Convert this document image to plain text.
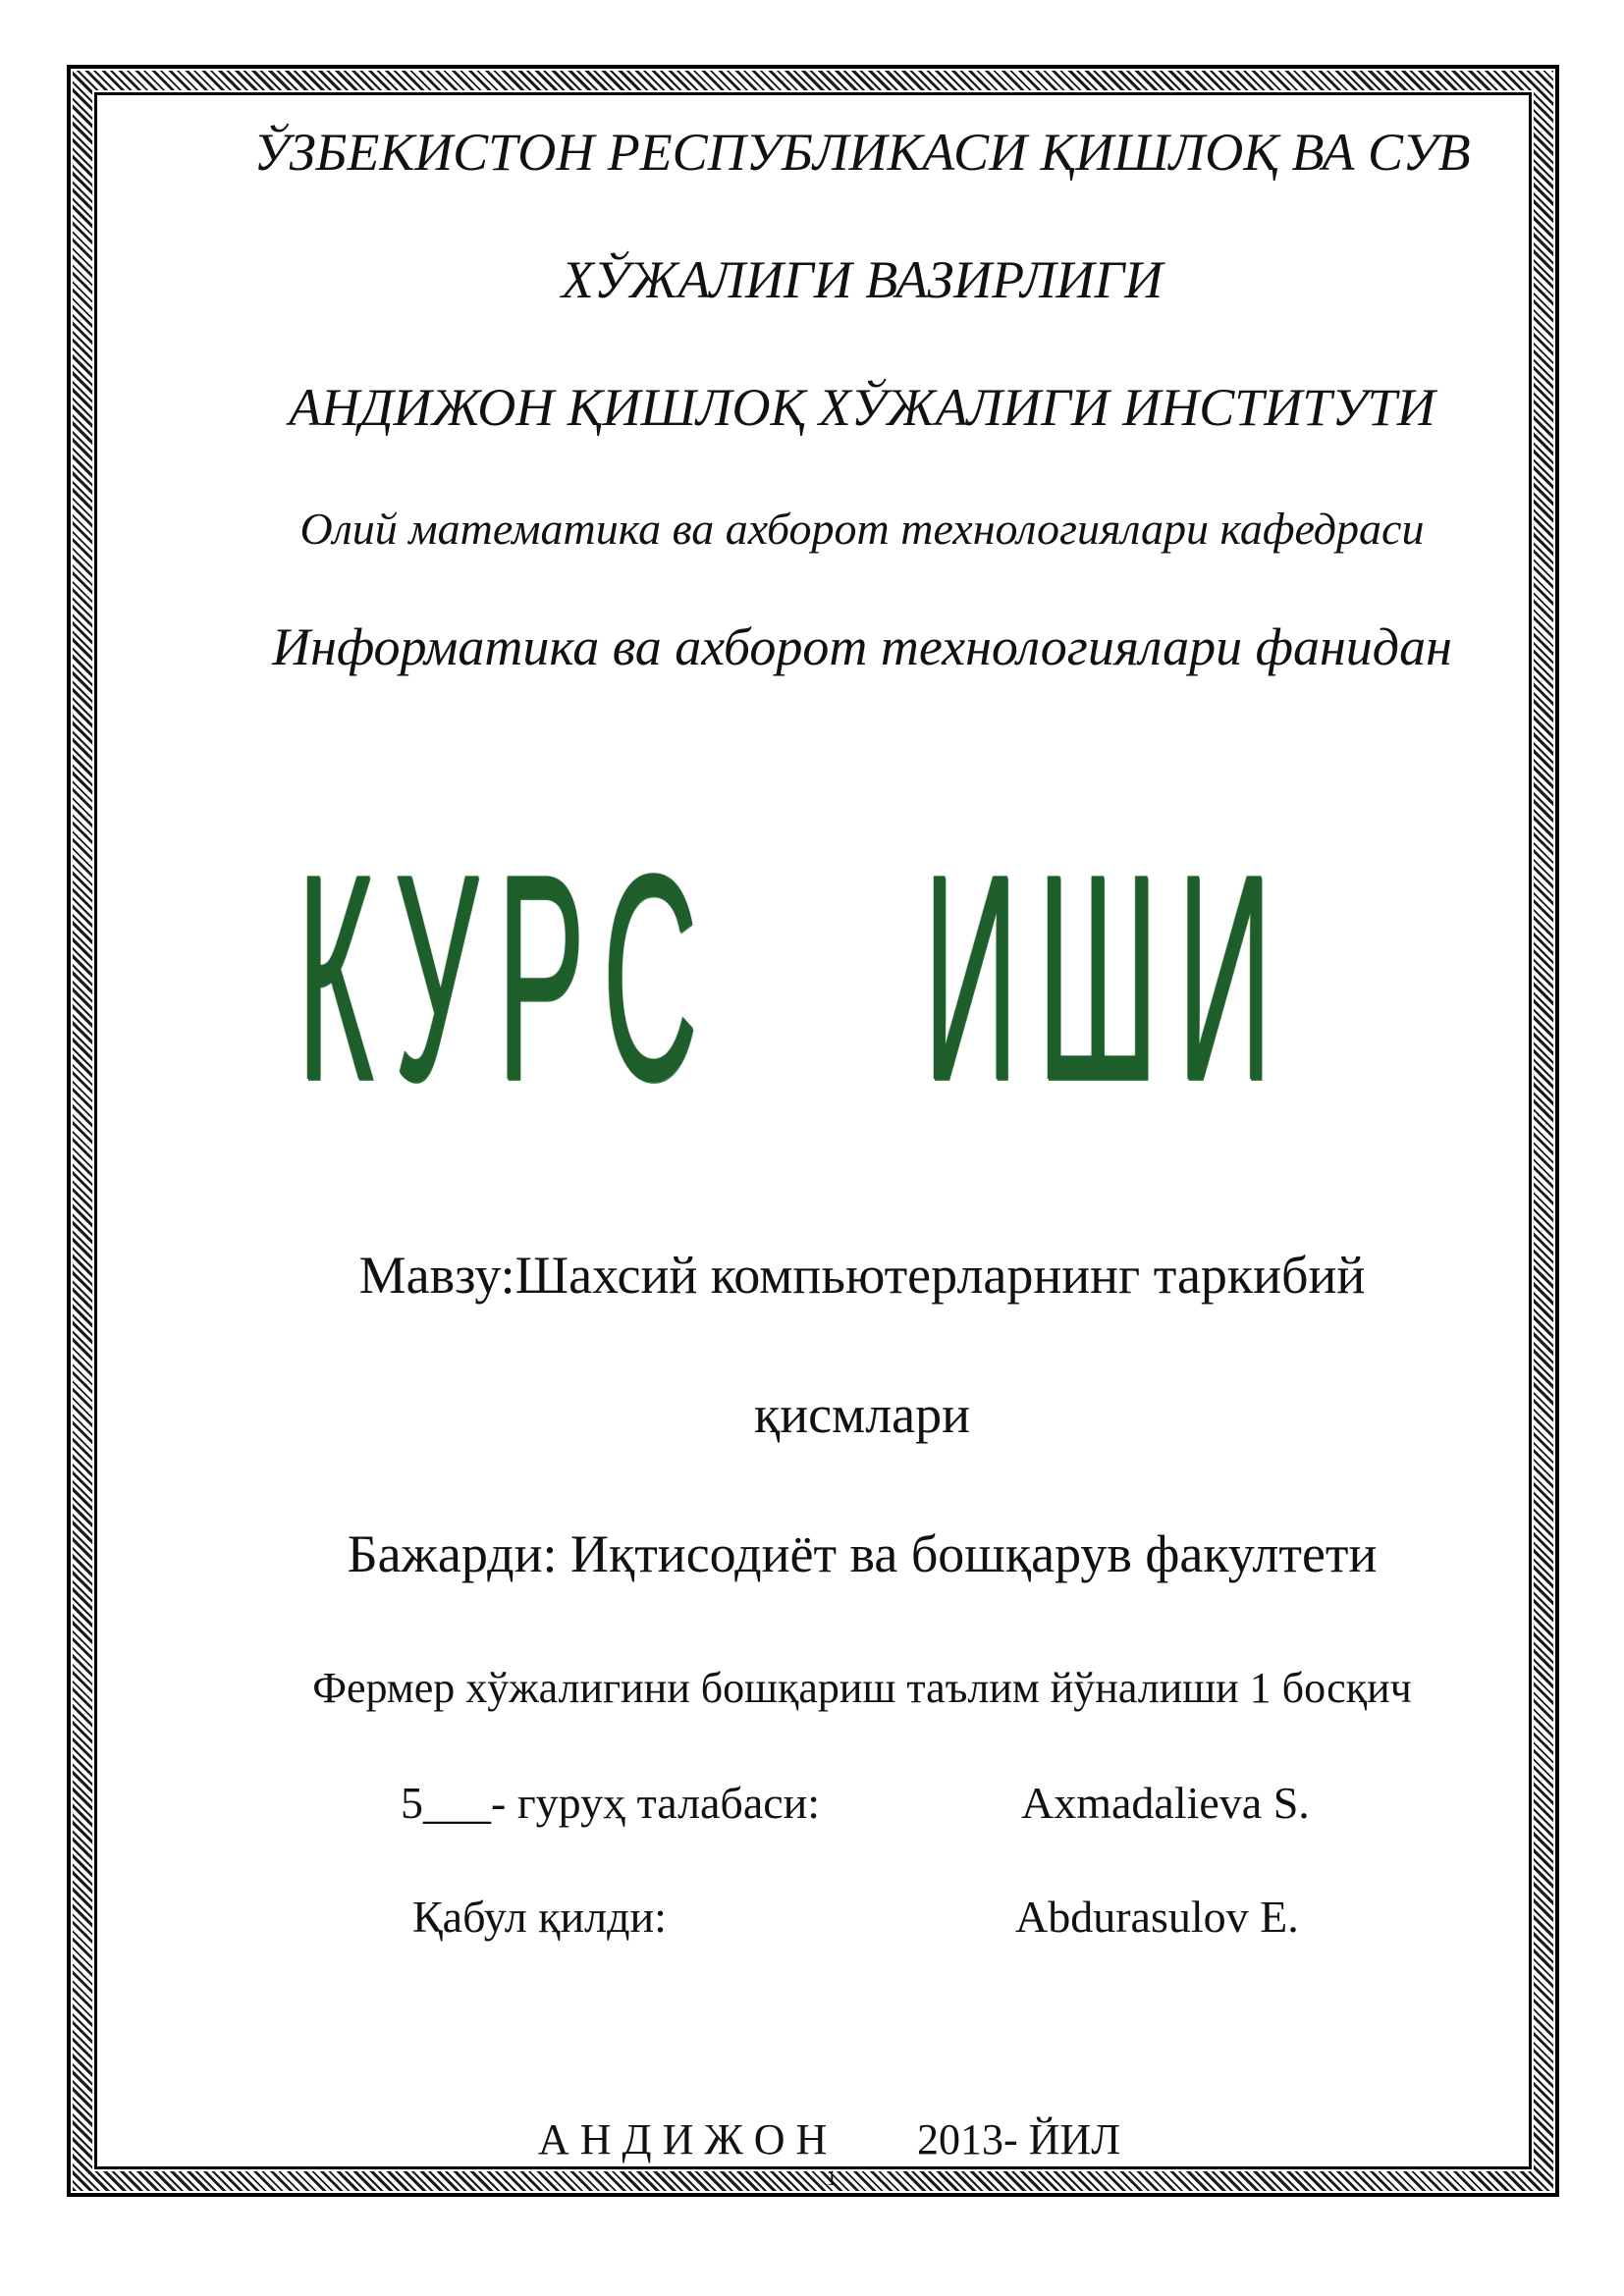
ЎЗБЕКИСТОН РЕСПУБЛИКАСИ ҚИШЛОҚ ВА СУВ
ХЎЖАЛИГИ ВАЗИРЛИГИ
АНДИЖОН ҚИШЛОҚ ХЎЖАЛИГИ ИНСТИТУТИ
Олий математика ва ахборот технологиялари кафедраси
Информатика ва ахборот технологиялари фанидан
КУРС ИШИ
Мавзу:Шахсий компьютерларнинг таркибий
қисмлари
Бажарди: Иқтисодиёт ва бошқарув факултети
Фермер хўжалигини бошқариш таълим йўналиши 1 босқич
5___- гуруҳ талабаси:	Axmadalieva S.
Қабул қилди:	Abdurasulov E.
А Н Д И Ж О Н 2013- ЙИЛ
1
